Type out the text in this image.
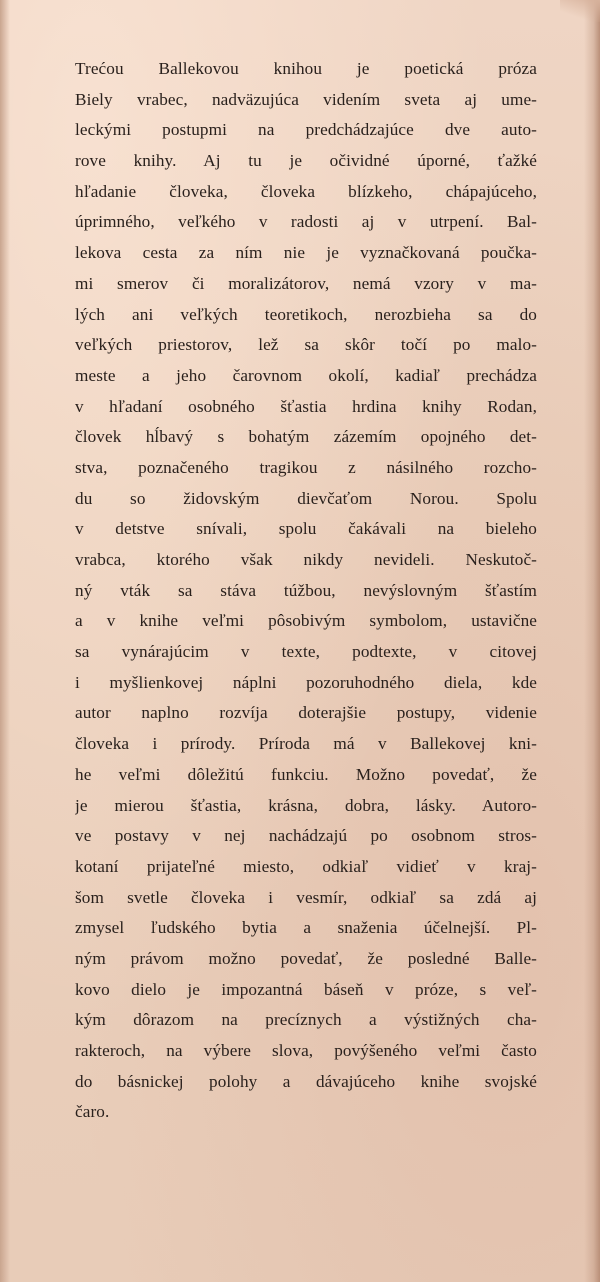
Trećou Ballekovou knihou je poetická próza
Biely vrabec, nadväzujúca videním sveta aj ume-
leckými postupmi na predchádzajúce dve auto-
rove knihy. Aj tu je očividné úporné, ťažké
hľadanie človeka, človeka blízkeho, chápajúceho,
úprimného, veľkého v radosti aj v utrpení. Bal-
lekova cesta za ním nie je vyznačkovaná poučka-
mi smerov či moralizátorov, nemá vzory v ma-
lých ani veľkých teoretikoch, nerozbieha sa do
veľkých priestorov, lež sa skôr točí po malo-
meste a jeho čarovnom okolí, kadiaľ prechádza
v hľadaní osobného šťastia hrdina knihy Rodan,
človek hĺbavý s bohatým zázemím opojného det-
stva, poznačeného tragikou z násilného rozcho-
du so židovským dievčaťom Norou. Spolu
v detstve snívali, spolu čakávali na bieleho
vrabca, ktorého však nikdy nevideli. Neskutoč-
ný vták sa stáva túžbou, nevýslovným šťastím
a v knihe veľmi pôsobivým symbolom, ustavične
sa vynárajúcim v texte, podtexte, v citovej
i myšlienkovej náplni pozoruhodného diela, kde
autor naplno rozvíja doterajšie postupy, videnie
človeka i prírody. Príroda má v Ballekovej kni-
he veľmi dôležitú funkciu. Možno povedať, že
je mierou šťastia, krásna, dobra, lásky. Autoro-
ve postavy v nej nachádzajú po osobnom stros-
kotaní prijateľné miesto, odkiaľ vidieť v kraj-
šom svetle človeka i vesmír, odkiaľ sa zdá aj
zmysel ľudského bytia a snaženia účelnejší. Pl-
ným právom možno povedať, že posledné Balle-
kovo dielo je impozantná báseň v próze, s veľ-
kým dôrazom na precíznych a výstižných cha-
rakteroch, na výbere slova, povýšeného veľmi často
do básnickej polohy a dávajúceho knihe svojské
čaro.
